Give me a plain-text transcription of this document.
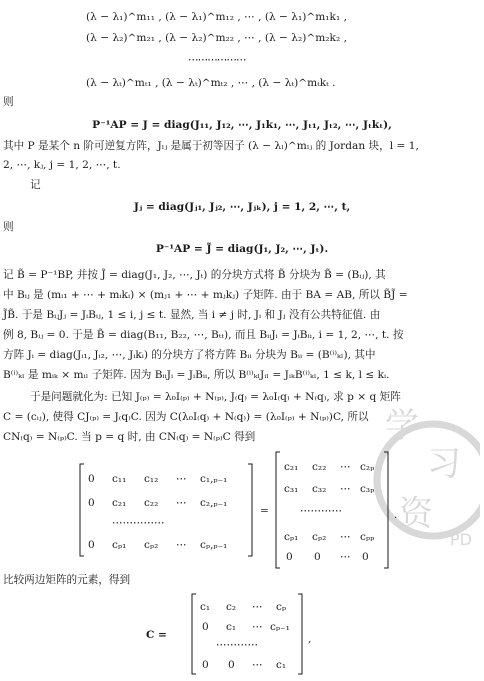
学
习
资
PD
(λ − λ₁)^m₁₁ , (λ − λ₁)^m₁₂ , ⋯ , (λ − λ₁)^m₁k₁ ,
(λ − λ₂)^m₂₁ , (λ − λ₂)^m₂₂ , ⋯ , (λ − λ₂)^m₂k₂ ,
⋯⋯⋯⋯⋯⋯
(λ − λₜ)^mₜ₁ , (λ − λₜ)^mₜ₂ , ⋯ , (λ − λₜ)^mₜkₜ .
则
P⁻¹AP = J = diag(J₁₁, J₁₂, ⋯, J₁k₁, ⋯, Jₜ₁, Jₜ₂, ⋯, Jₜkₜ),
其中 P 是某个 n 阶可逆复方阵，Jₗⱼ 是属于初等因子 (λ − λₗ)^mₗⱼ 的 Jordan 块，l = 1,
2, ⋯, kⱼ, j = 1, 2, ⋯, t.
记
Jⱼ = diag(Jⱼ₁, Jⱼ₂, ⋯, Jⱼₖ), j = 1, 2, ⋯, t,
则
P⁻¹AP = J̃ = diag(J₁, J₂, ⋯, Jₜ).
记 B̃ = P⁻¹BP, 并按 J̃ = diag(J₁, J₂, ⋯, Jₜ) 的分块方式将 B̃ 分块为 B̃ = (Bᵢⱼ), 其
中 Bᵢⱼ 是 (mᵢ₁ + ⋯ + mᵢkᵢ) × (mⱼ₁ + ⋯ + mⱼkⱼ) 子矩阵. 由于 BA = AB, 所以 B̃J̃ =
J̃B̃. 于是 BᵢⱼJⱼ = JᵢBᵢⱼ, 1 ≤ i, j ≤ t. 显然, 当 i ≠ j 时, Jᵢ 和 Jⱼ 没有公共特征值. 由
例 8, Bᵢⱼ = 0. 于是 B̃ = diag(B₁₁, B₂₂, ⋯, Bₜₜ), 而且 BᵢᵢJᵢ = JᵢBᵢᵢ, i = 1, 2, ⋯, t. 按
方阵 Jᵢ = diag(Jᵢ₁, Jᵢ₂, ⋯, Jᵢkᵢ) 的分块方了将方阵 Bᵢᵢ 分块为 Bᵢᵢ = (B⁽ⁱ⁾ₖₗ), 其中
B⁽ⁱ⁾ₖₗ 是 mᵢₖ × mᵢₗ 子矩阵. 因为 BᵢᵢJᵢ = JᵢBᵢᵢ, 所以 B⁽ⁱ⁾ₖₗJᵢₗ = JᵢₖB⁽ⁱ⁾ₖₗ, 1 ≤ k, l ≤ kᵢ.
于是问题就化为: 已知 J₍ₚ₎ = λ₀I₍ₚ₎ + N₍ₚ₎, J₍q₎ = λ₀I₍q₎ + N₍q₎, 求 p × q 矩阵
C = (cᵢⱼ), 使得 CJ₍ₚ₎ = J₍q₎C. 因为 C(λ₀I₍q₎ + N₍q₎) = (λ₀I₍ₚ₎ + N₍ₚ₎)C, 所以
CN₍q₎ = N₍ₚ₎C. 当 p = q 时, 由 CN₍q₎ = N₍ₚ₎C 得到
0 c₁₁ c₁₂ ⋯ c₁,ₚ₋₁
0 c₂₁ c₂₂ ⋯ c₂,ₚ₋₁
⋯⋯⋯⋯⋯
0 cₚ₁ cₚ₂ ⋯ cₚ,ₚ₋₁
=
c₂₁ c₂₂ ⋯ c₂ₚ
c₃₁ c₃₂ ⋯ c₃ₚ
⋯⋯⋯⋯
cₚ₁ cₚ₂ ⋯ cₚₚ
0 0 ⋯ 0
.
比较两边矩阵的元素，得到
C =
c₁ c₂ ⋯ cₚ
0 c₁ ⋯ cₚ₋₁
⋯⋯⋯⋯
0 0 ⋯ c₁
,
